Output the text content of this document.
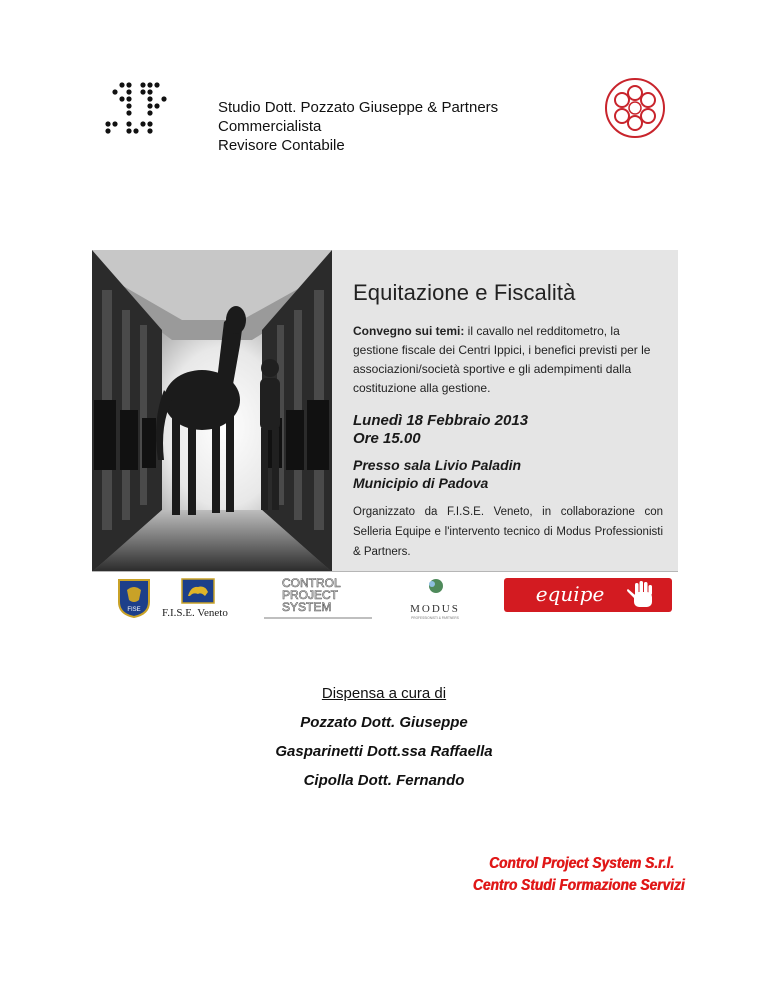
Studio Dott. Pozzato Giuseppe & Partners
Commercialista
Revisore Contabile
Equitazione e Fiscalità
Convegno sui temi: il cavallo nel redditometro, la gestione fiscale dei Centri Ippici, i benefici previsti per le associazioni/società sportive e gli adempimenti dalla costituzione alla gestione.
Lunedì 18 Febbraio 2013
Ore 15.00
Presso sala Livio Paladin
Municipio di Padova
Organizzato da F.I.S.E. Veneto, in collaborazione con Selleria Equipe e l'intervento tecnico di Modus Professionisti & Partners.
FISE F.I.S.E. Veneto
CONTROL
PROJECT
SYSTEM	MODUS
PROFESSIONISTI & PARTNERS
equipe
Dispensa a cura di
Pozzato Dott. Giuseppe
Gasparinetti Dott.ssa Raffaella
Cipolla Dott. Fernando
Control Project System S.r.l.
Centro Studi Formazione Servizi
